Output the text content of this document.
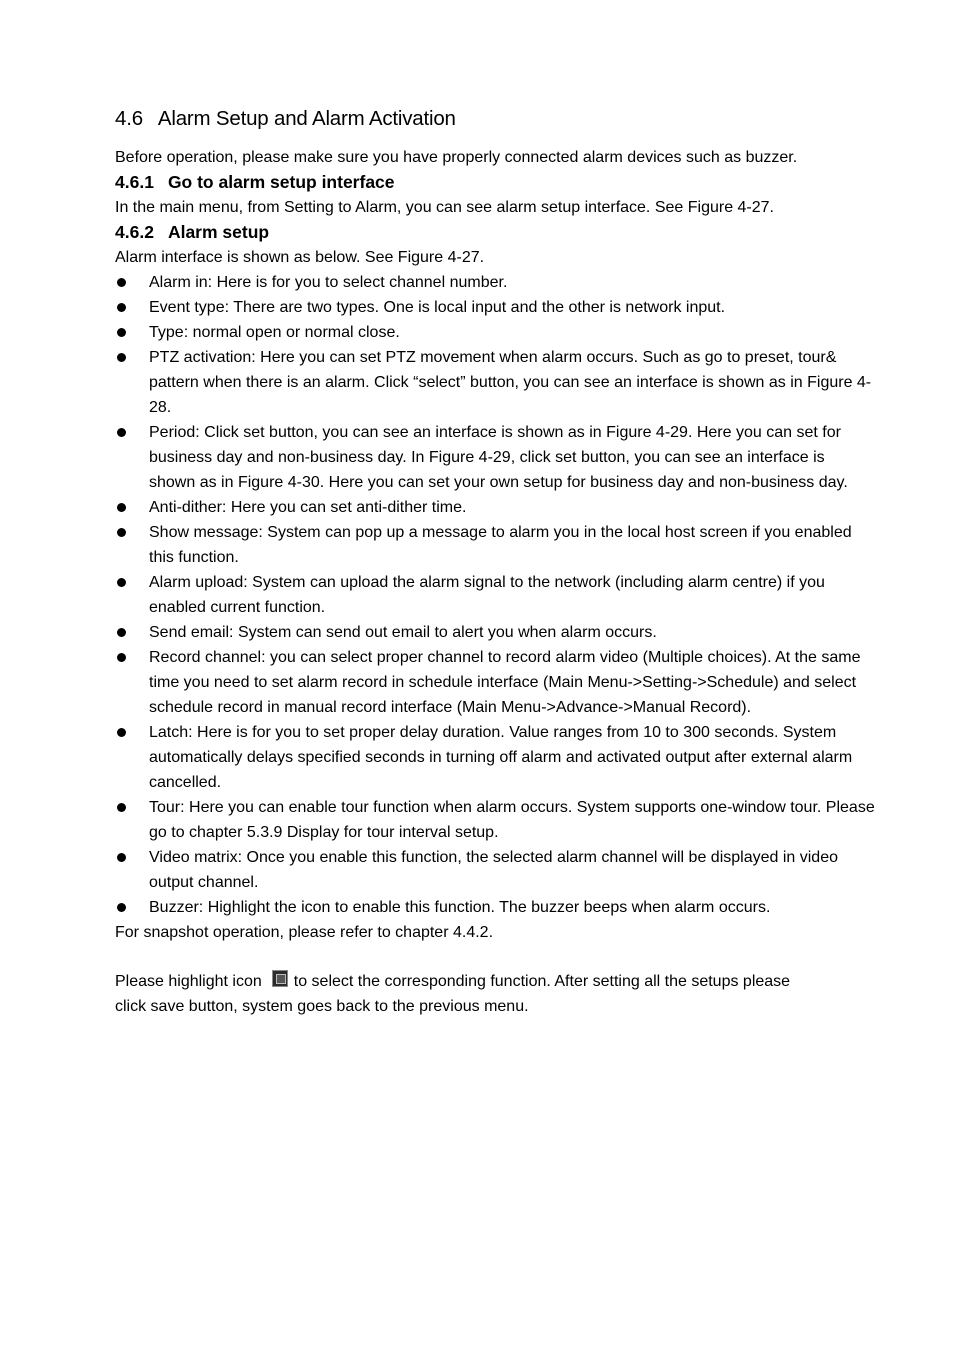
4.6 Alarm Setup and Alarm Activation

Before operation, please make sure you have properly connected alarm devices such as buzzer.

4.6.1 Go to alarm setup interface

In the main menu, from Setting to Alarm, you can see alarm setup interface. See Figure 4-27.

4.6.2 Alarm setup

Alarm interface is shown as below. See Figure 4-27.

Alarm in: Here is for you to select channel number.
Event type: There are two types. One is local input and the other is network input.
Type: normal open or normal close.
PTZ activation: Here you can set PTZ movement when alarm occurs. Such as go to preset, tour& pattern when there is an alarm. Click “select” button, you can see an interface is shown as in Figure 4-28.
Period: Click set button, you can see an interface is shown as in Figure 4-29. Here you can set for business day and non-business day. In Figure 4-29, click set button, you can see an interface is shown as in Figure 4-30. Here you can set your own setup for business day and non-business day.
Anti-dither: Here you can set anti-dither time.
Show message: System can pop up a message to alarm you in the local host screen if you enabled this function.
Alarm upload: System can upload the alarm signal to the network (including alarm centre) if you enabled current function.
Send email: System can send out email to alert you when alarm occurs.
Record channel: you can select proper channel to record alarm video (Multiple choices). At the same time you need to set alarm record in schedule interface (Main Menu->Setting->Schedule) and select schedule record in manual record interface (Main Menu->Advance->Manual Record).
Latch: Here is for you to set proper delay duration. Value ranges from 10 to 300 seconds. System automatically delays specified seconds in turning off alarm and activated output after external alarm cancelled.
Tour: Here you can enable tour function when alarm occurs. System supports one-window tour. Please go to chapter 5.3.9 Display for tour interval setup.
Video matrix: Once you enable this function, the selected alarm channel will be displayed in video output channel.
Buzzer: Highlight the icon to enable this function. The buzzer beeps when alarm occurs.

For snapshot operation, please refer to chapter 4.4.2.

Please highlight icon to select the corresponding function. After setting all the setups please click save button, system goes back to the previous menu.
